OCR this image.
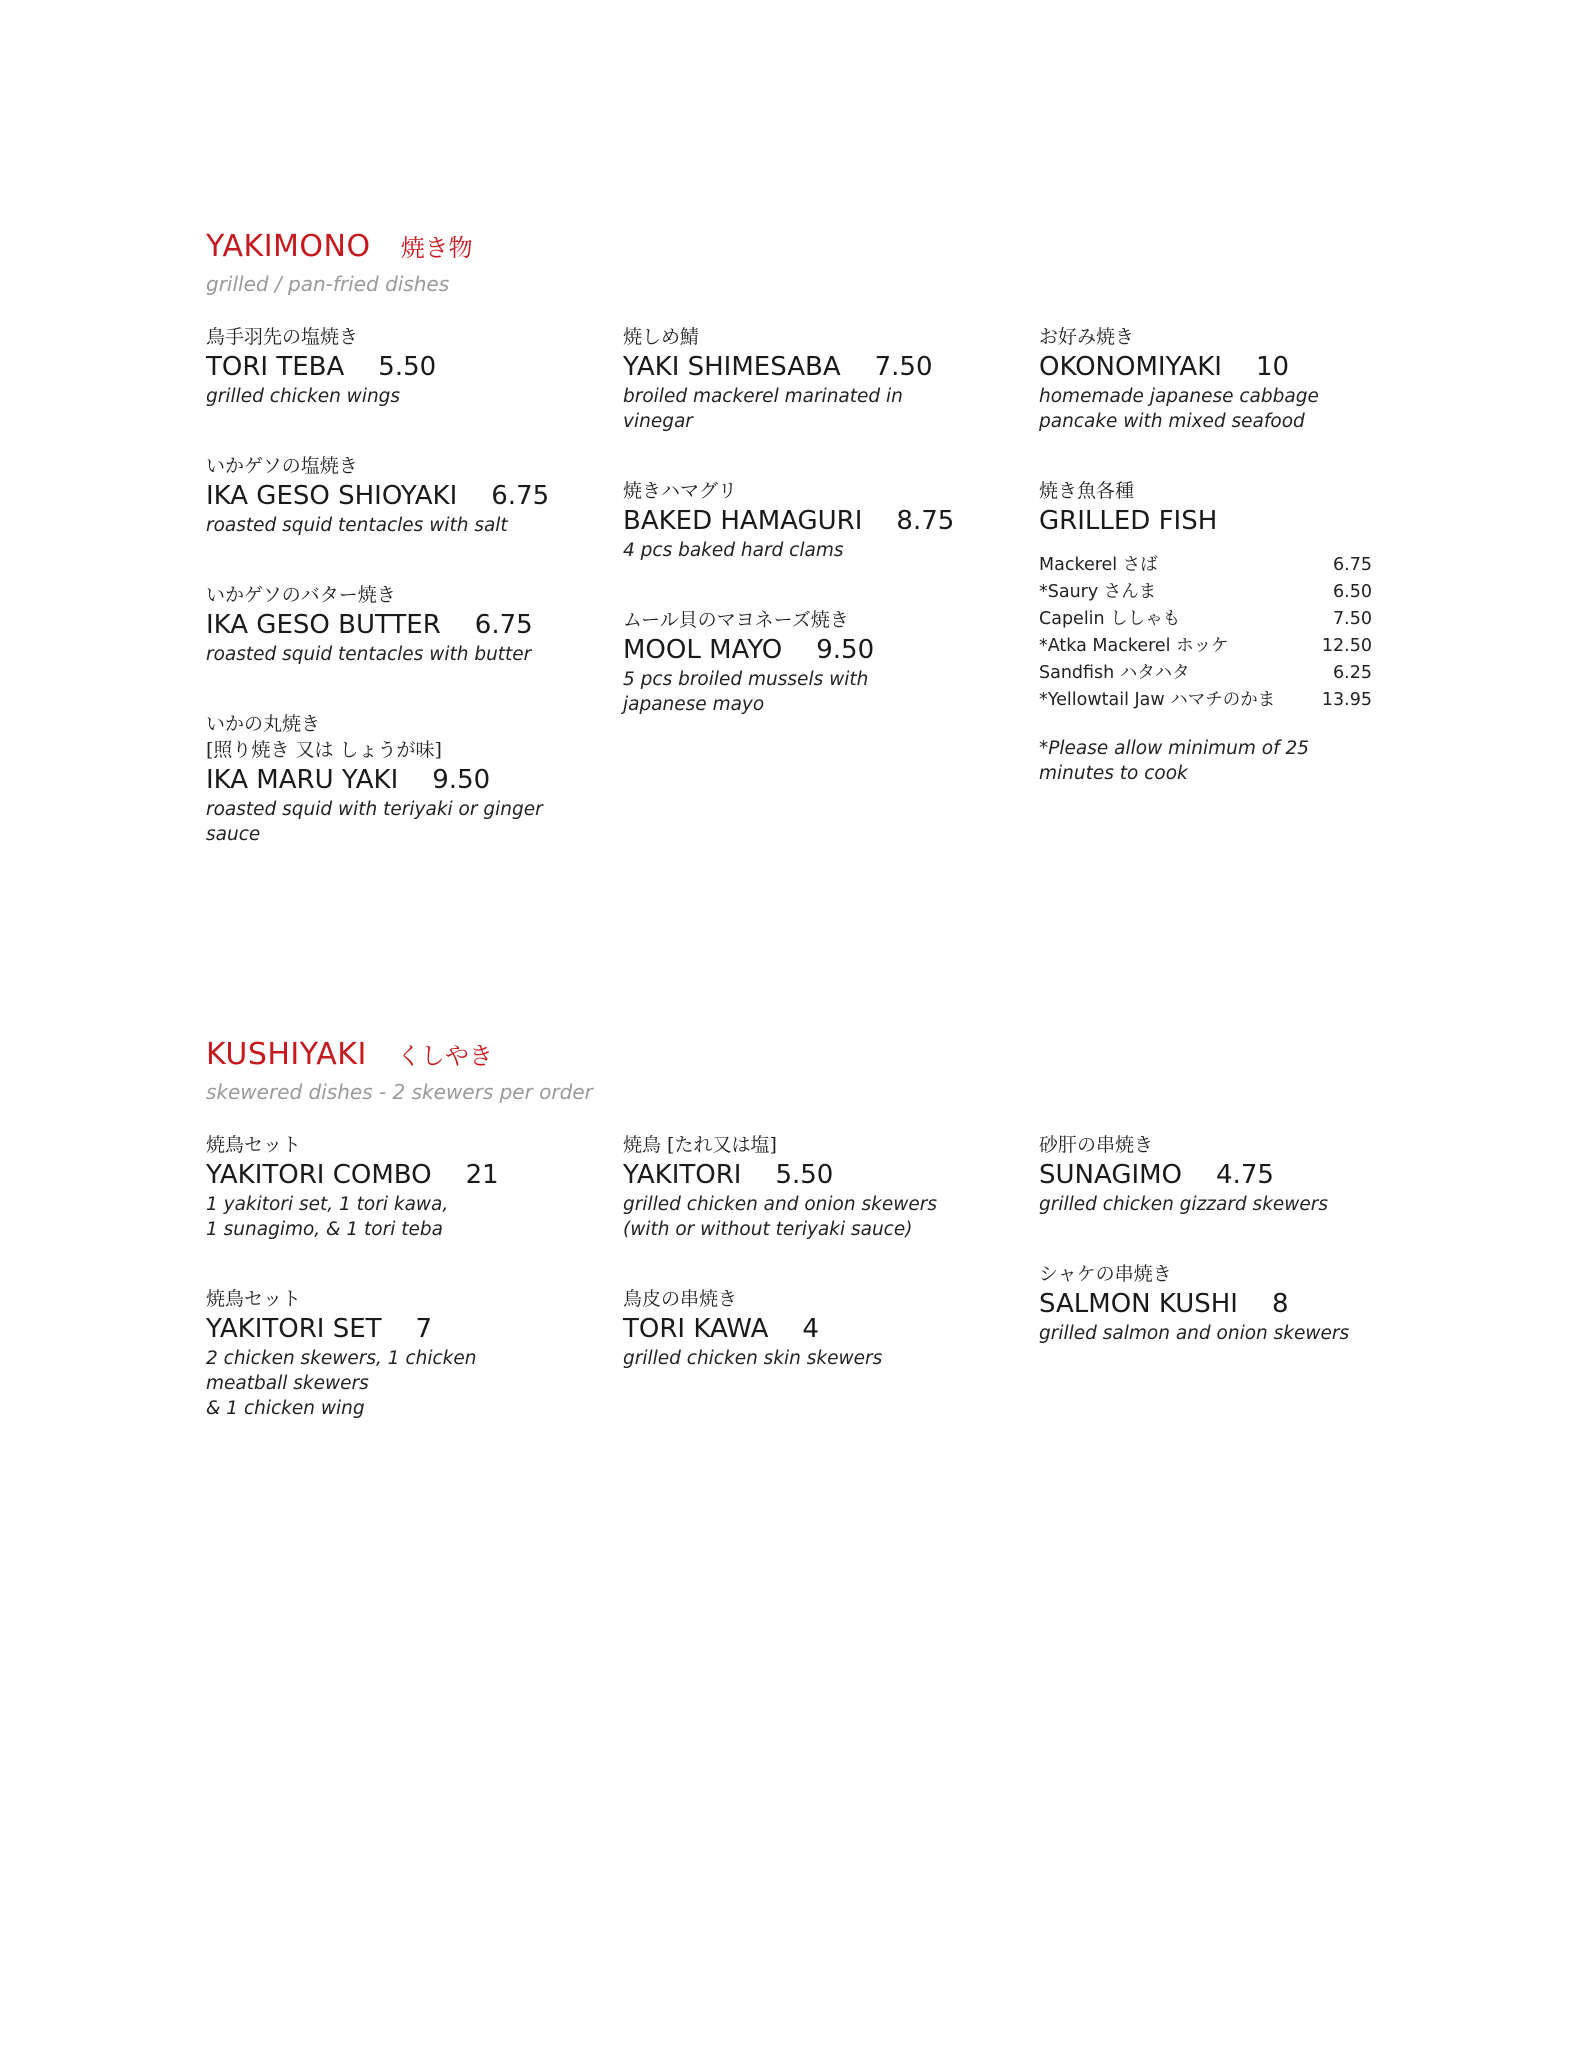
YAKIMONO 焼き物
grilled / pan-fried dishes
鳥手羽先の塩焼き
TORI TEBA 5.50
grilled chicken wings
いかゲソの塩焼き
IKA GESO SHIOYAKI 6.75
roasted squid tentacles with salt
いかゲソのバター焼き
IKA GESO BUTTER 6.75
roasted squid tentacles with butter
いかの丸焼き
[照り焼き 又は しょうが味]
IKA MARU YAKI 9.50
roasted squid with teriyaki or ginger
sauce
焼しめ鯖
YAKI SHIMESABA 7.50
broiled mackerel marinated in
vinegar
焼きハマグリ
BAKED HAMAGURI 8.75
4 pcs baked hard clams
ムール貝のマヨネーズ焼き
MOOL MAYO 9.50
5 pcs broiled mussels with
japanese mayo
お好み焼き
OKONOMIYAKI 10
homemade japanese cabbage
pancake with mixed seafood
焼き魚各種
GRILLED FISH
Mackerel さば	6.75
*Saury さんま	6.50
Capelin ししゃも	7.50
*Atka Mackerel ホッケ	12.50
Sandfish ハタハタ	6.25
*Yellowtail Jaw ハマチのかま	13.95
*Please allow minimum of 25
minutes to cook
KUSHIYAKI くしやき
skewered dishes - 2 skewers per order
焼鳥セット
YAKITORI COMBO 21
1 yakitori set, 1 tori kawa,
1 sunagimo, & 1 tori teba
焼鳥セット
YAKITORI SET 7
2 chicken skewers, 1 chicken
meatball skewers
& 1 chicken wing
焼鳥 [たれ又は塩]
YAKITORI 5.50
grilled chicken and onion skewers
(with or without teriyaki sauce)
鳥皮の串焼き
TORI KAWA 4
grilled chicken skin skewers
砂肝の串焼き
SUNAGIMO 4.75
grilled chicken gizzard skewers
シャケの串焼き
SALMON KUSHI 8
grilled salmon and onion skewers
